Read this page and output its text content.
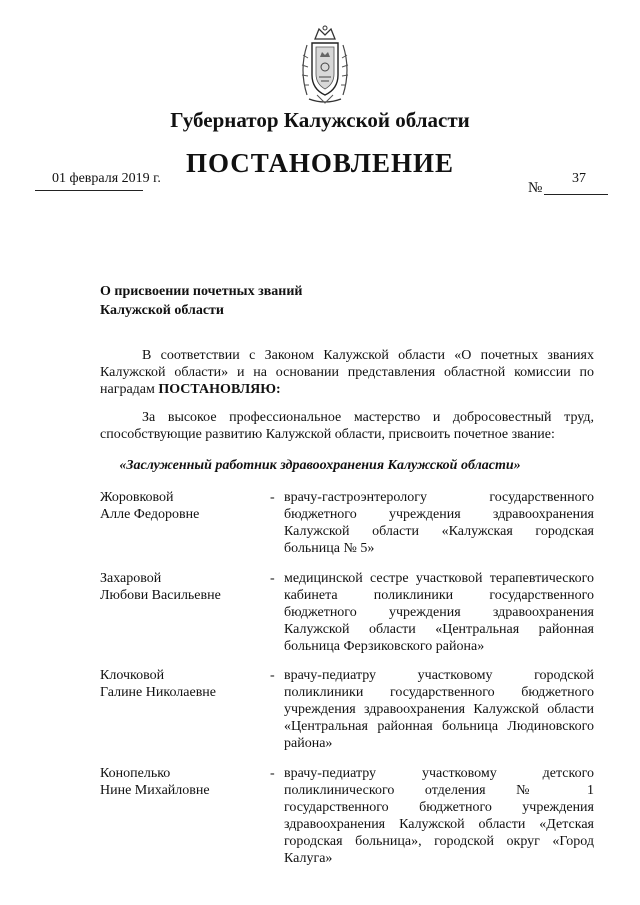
Губернатор Калужской области
ПОСТАНОВЛЕНИЕ
01 февраля 2019 г.	37
№
О присвоении почетных званий
Калужской области
В соответствии с Законом Калужской области «О почетных званиях Калужской области» и на основании представления областной комиссии по наградам ПОСТАНОВЛЯЮ:
За высокое профессиональное мастерство и добросовестный труд, способствующие развитию Калужской области, присвоить почетное звание:
«Заслуженный работник здравоохранения Калужской области»
Жоровковой
Алле Федоровне
- врачу-гастроэнтерологу государственного бюджетного учреждения здравоохранения Калужской области «Калужская городская больница № 5»
Захаровой
Любови Васильевне
- медицинской сестре участковой терапевтического кабинета поликлиники государственного бюджетного учреждения здравоохранения Калужской области «Центральная районная больница Ферзиковского района»
Клочковой
Галине Николаевне
- врачу-педиатру участковому городской поликлиники государственного бюджетного учреждения здравоохранения Калужской области «Центральная районная больница Людиновского района»
Конопелько
Нине Михайловне
- врачу-педиатру участковому детского поликлинического отделения № 1 государственного бюджетного учреждения здравоохранения Калужской области «Детская городская больница», городской округ «Город Калуга»
